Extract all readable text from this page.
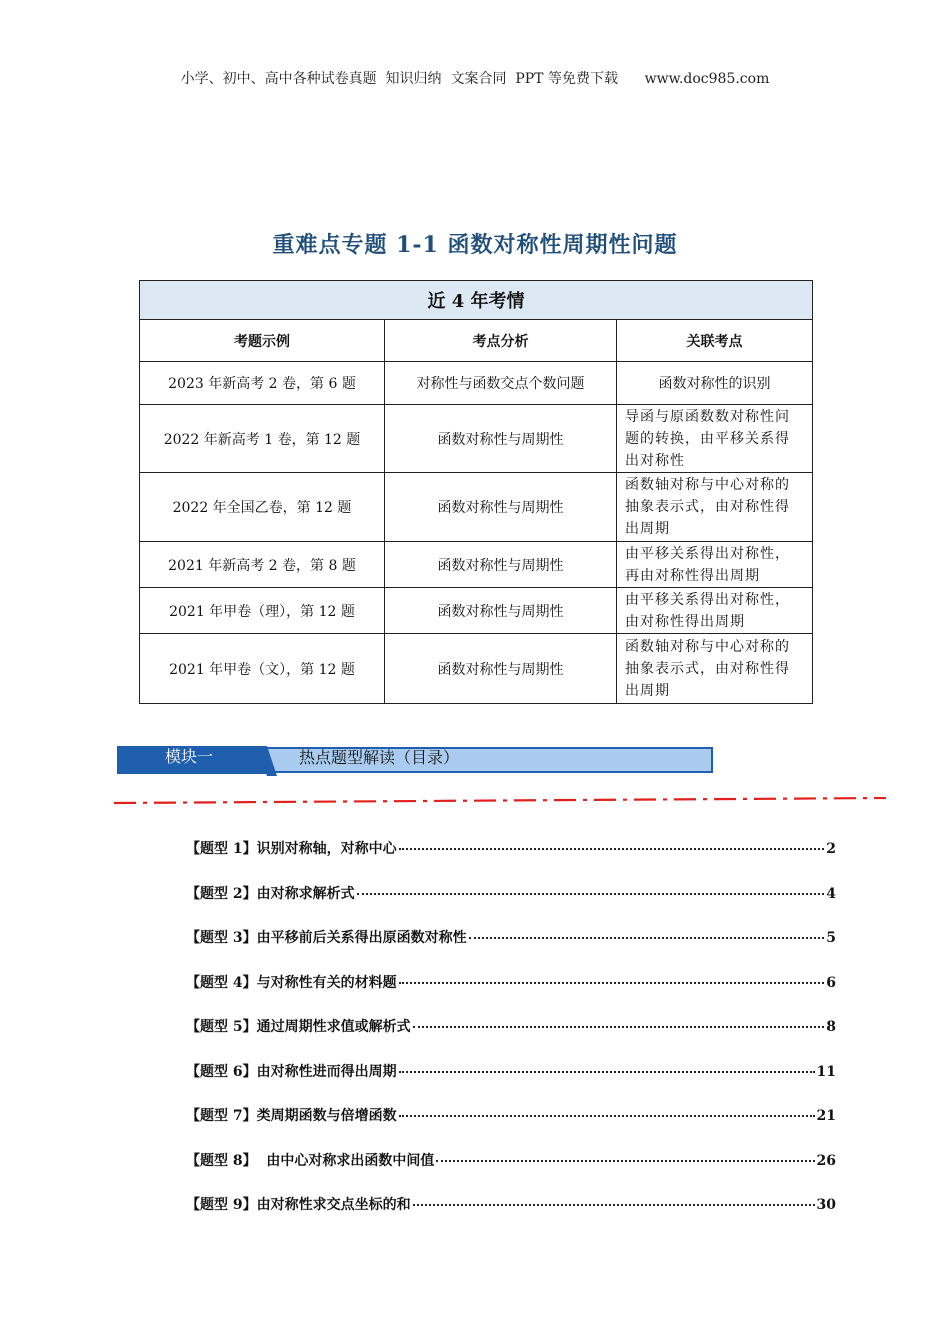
小学、初中、高中各种试卷真题  知识归纳  文案合同  PPT 等免费下载      www.doc985.com
重难点专题 1-1 函数对称性周期性问题
近 4 年考情		
考题示例	考点分析	关联考点
2023 年新高考 2 卷，第 6 题	对称性与函数交点个数问题	函数对称性的识别
2022 年新高考 1 卷，第 12 题	函数对称性与周期性	导函与原函数数对称性问题的转换，由平移关系得出对称性
2022 年全国乙卷，第 12 题	函数对称性与周期性	函数轴对称与中心对称的抽象表示式，由对称性得出周期
2021 年新高考 2 卷，第 8 题	函数对称性与周期性	由平移关系得出对称性，再由对称性得出周期
2021 年甲卷（理），第 12 题	函数对称性与周期性	由平移关系得出对称性，由对称性得出周期
2021 年甲卷（文），第 12 题	函数对称性与周期性	函数轴对称与中心对称的抽象表示式，由对称性得出周期
热点题型解读（目录）
模块一
【题型 1】识别对称轴，对称中心	2
【题型 2】由对称求解析式	4
【题型 3】由平移前后关系得出原函数对称性	5
【题型 4】与对称性有关的材料题	6
【题型 5】通过周期性求值或解析式	8
【题型 6】由对称性进而得出周期	11
【题型 7】类周期函数与倍增函数	21
【题型 8】  由中心对称求出函数中间值	26
【题型 9】由对称性求交点坐标的和	30
